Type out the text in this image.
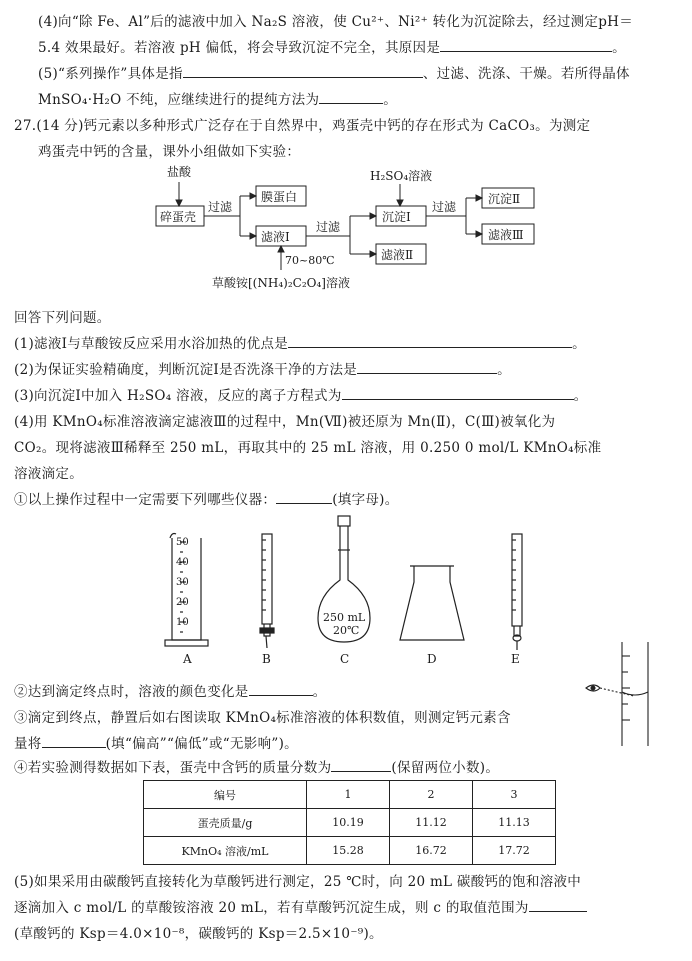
(4)向“除 Fe、Al”后的滤液中加入 Na₂S 溶液，使 Cu²⁺、Ni²⁺ 转化为沉淀除去，经过测定pH＝
5.4 效果最好。若溶液 pH 偏低，将会导致沉淀不完全，其原因是	。
(5)“系列操作”具体是指	、过滤、洗涤、干燥。若所得晶体
MnSO₄·H₂O 不纯，应继续进行的提纯方法为	。
27.(14 分)钙元素以多种形式广泛存在于自然界中，鸡蛋壳中钙的存在形式为 CaCO₃。为测定
鸡蛋壳中钙的含量，课外小组做如下实验：
盐酸
碎蛋壳
过滤
膜蛋白
滤液Ⅰ
过滤
H₂SO₄溶液
沉淀Ⅰ
滤液Ⅱ
过滤
沉淀Ⅱ
滤液Ⅲ
70~80℃
草酸铵[(NH₄)₂C₂O₄]溶液
回答下列问题。
(1)滤液Ⅰ与草酸铵反应采用水浴加热的优点是	。
(2)为保证实验精确度，判断沉淀Ⅰ是否洗涤干净的方法是	。
(3)向沉淀Ⅰ中加入 H₂SO₄ 溶液，反应的离子方程式为	。
(4)用 KMnO₄标准溶液滴定滤液Ⅲ的过程中，Mn(Ⅶ)被还原为 Mn(Ⅱ)，C(Ⅲ)被氧化为
CO₂。现将滤液Ⅲ稀释至 250 mL，再取其中的 25 mL 溶液，用 0.250 0 mol/L KMnO₄标准
溶液滴定。
①以上操作过程中一定需要下列哪些仪器：	(填字母)。
50
40
30
20
10	250 mL
20℃
A	B	C	D	E
②达到滴定终点时，溶液的颜色变化是	。
③滴定到终点，静置后如右图读取 KMnO₄标准溶液的体积数值，则测定钙元素含
量将	(填“偏高”“偏低”或“无影响”)。
④若实验测得数据如下表，蛋壳中含钙的质量分数为	(保留两位小数)。
编号	1	2	3
蛋壳质量/g	10.19	11.12	11.13
KMnO₄ 溶液/mL	15.28	16.72	17.72
(5)如果采用由碳酸钙直接转化为草酸钙进行测定，25 ℃时，向 20 mL 碳酸钙的饱和溶液中
逐滴加入 c mol/L 的草酸铵溶液 20 mL，若有草酸钙沉淀生成，则 c 的取值范围为
(草酸钙的 Ksp＝4.0×10⁻⁸，碳酸钙的 Ksp＝2.5×10⁻⁹)。
